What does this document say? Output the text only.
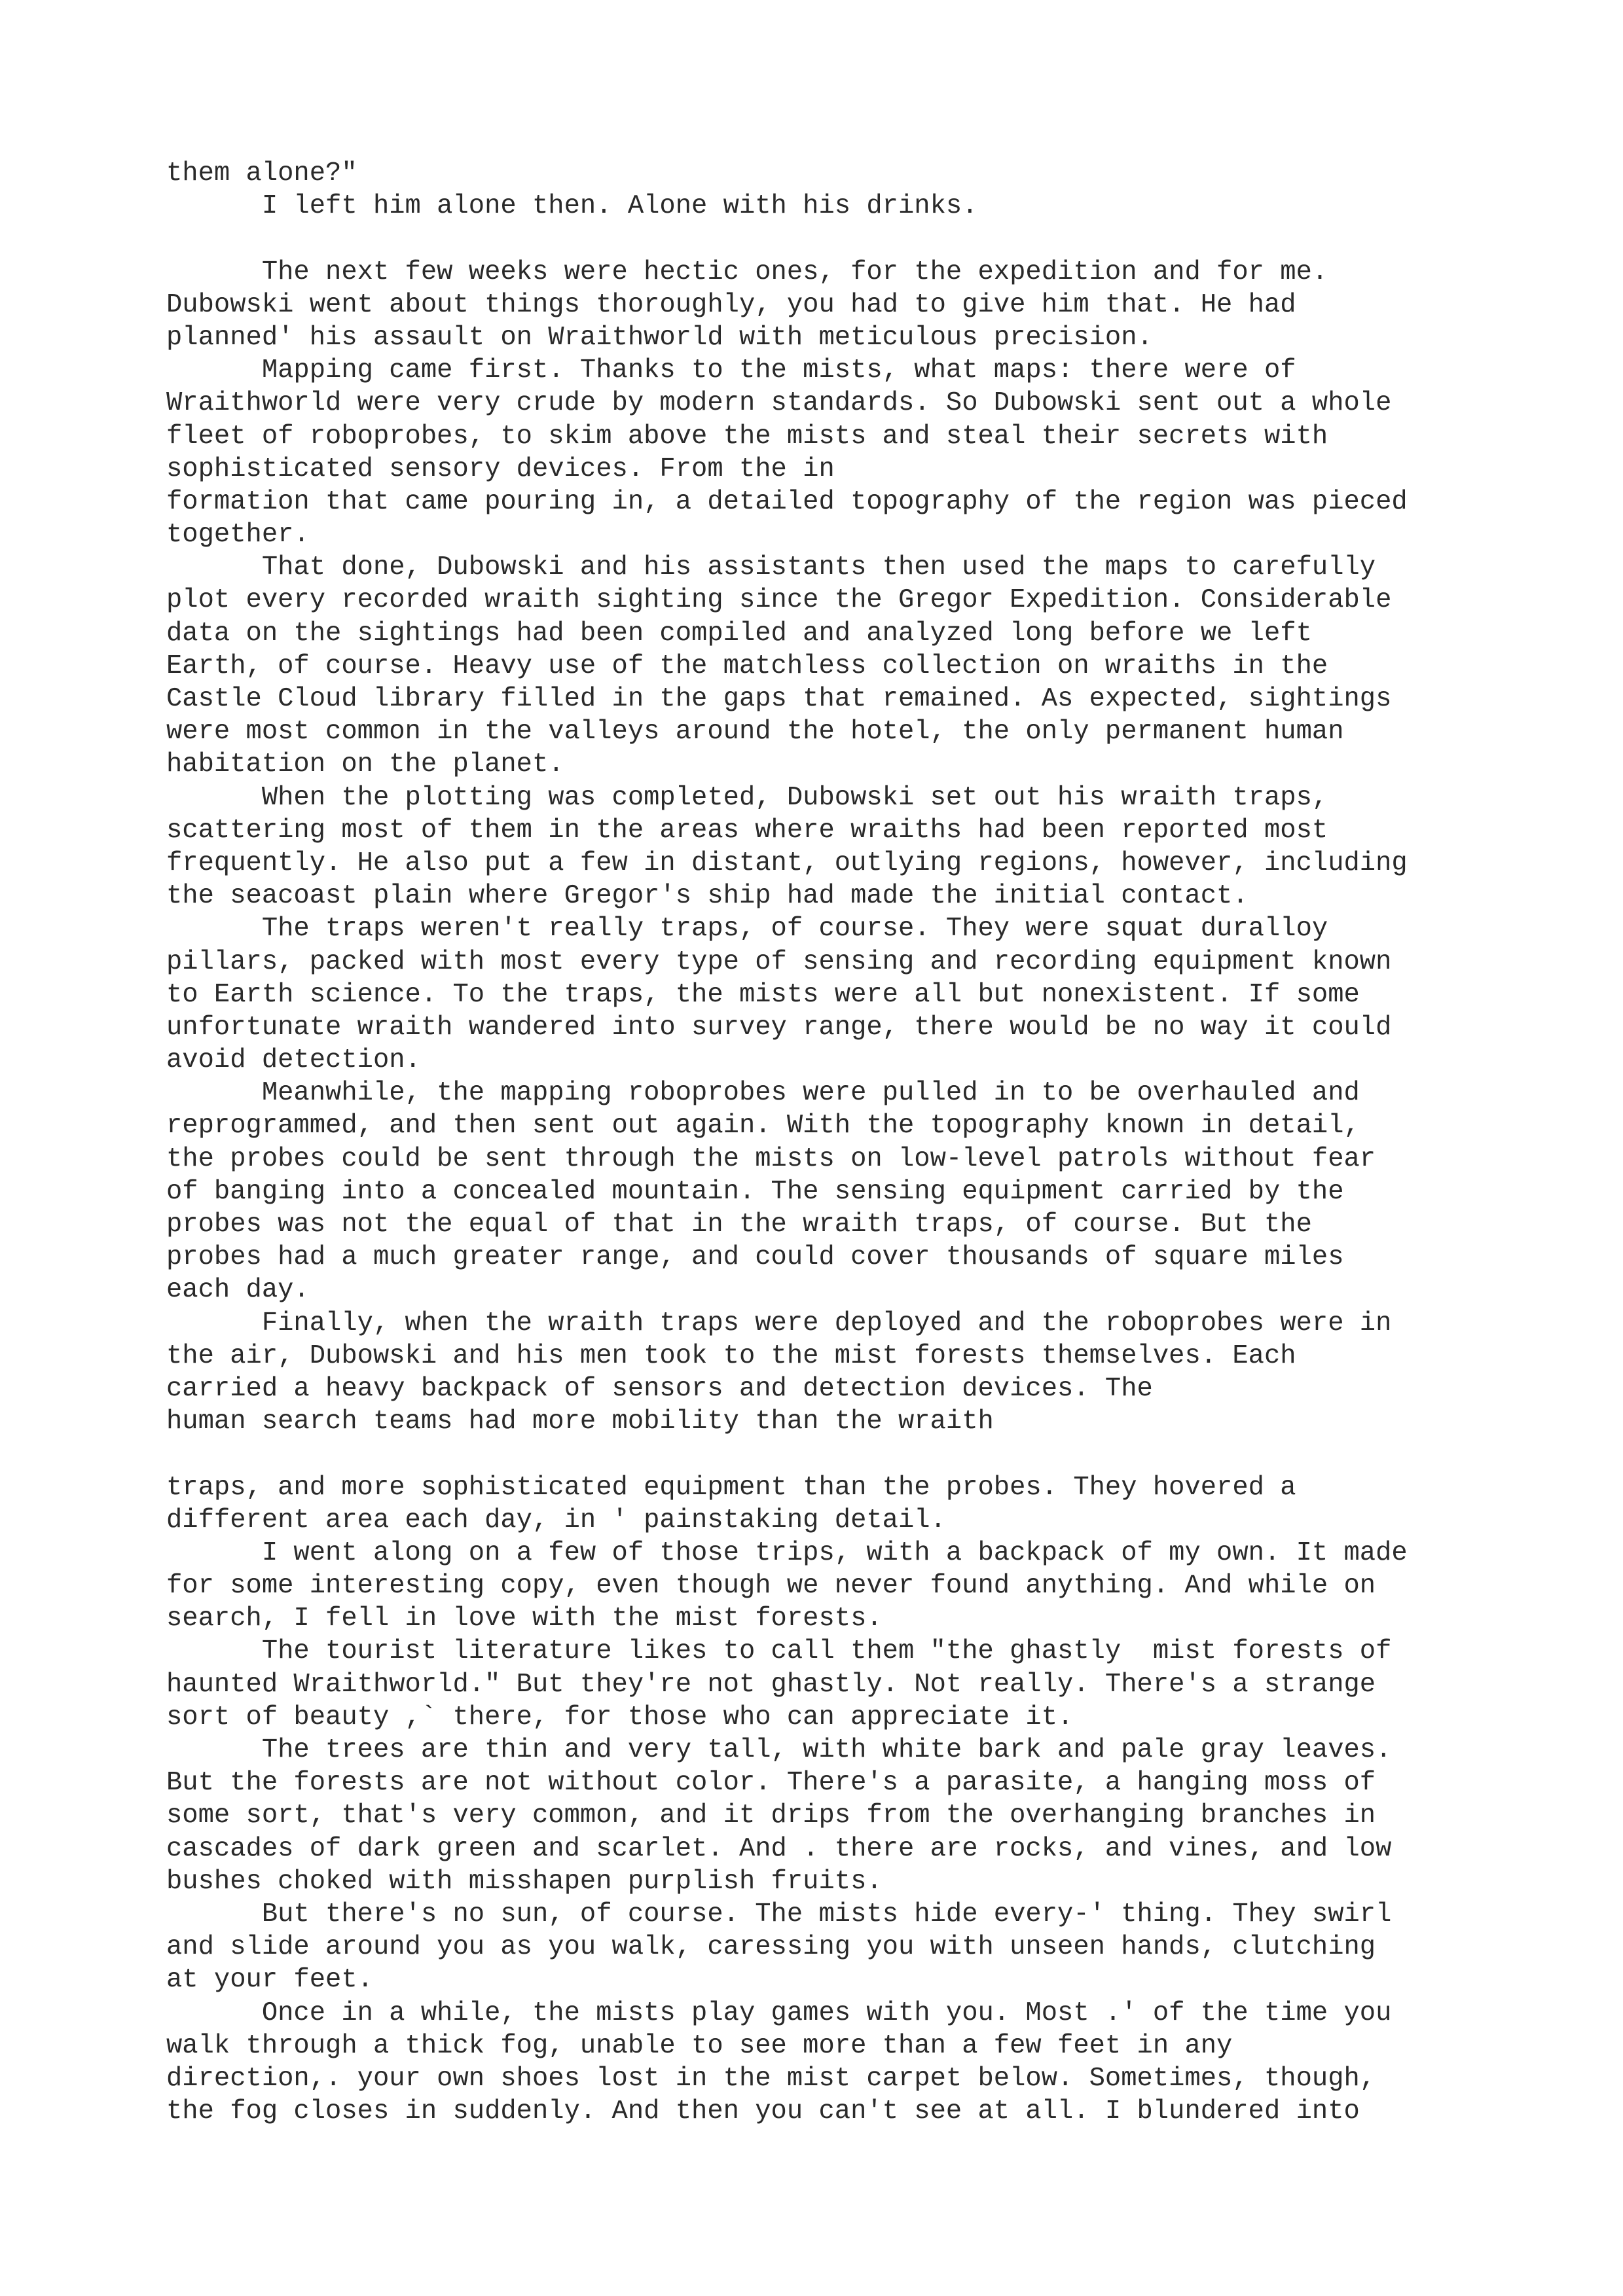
them alone?"
I left him alone then. Alone with his drinks.
The next few weeks were hectic ones, for the expedition and for me.
Dubowski went about things thoroughly, you had to give him that. He had
planned' his assault on Wraithworld with meticulous precision.
Mapping came first. Thanks to the mists, what maps: there were of
Wraithworld were very crude by modern standards. So Dubowski sent out a whole
fleet of roboprobes, to skim above the mists and steal their secrets with
sophisticated sensory devices. From the in
formation that came pouring in, a detailed topography of the region was pieced
together.
That done, Dubowski and his assistants then used the maps to carefully
plot every recorded wraith sighting since the Gregor Expedition. Considerable
data on the sightings had been compiled and analyzed long before we left
Earth, of course. Heavy use of the matchless collection on wraiths in the
Castle Cloud library filled in the gaps that remained. As expected, sightings
were most common in the valleys around the hotel, the only permanent human
habitation on the planet.
When the plotting was completed, Dubowski set out his wraith traps,
scattering most of them in the areas where wraiths had been reported most
frequently. He also put a few in distant, outlying regions, however, including
the seacoast plain where Gregor's ship had made the initial contact.
The traps weren't really traps, of course. They were squat duralloy
pillars, packed with most every type of sensing and recording equipment known
to Earth science. To the traps, the mists were all but nonexistent. If some
unfortunate wraith wandered into survey range, there would be no way it could
avoid detection.
Meanwhile, the mapping roboprobes were pulled in to be overhauled and
reprogrammed, and then sent out again. With the topography known in detail,
the probes could be sent through the mists on low-level patrols without fear
of banging into a concealed mountain. The sensing equipment carried by the
probes was not the equal of that in the wraith traps, of course. But the
probes had a much greater range, and could cover thousands of square miles
each day.
Finally, when the wraith traps were deployed and the roboprobes were in
the air, Dubowski and his men took to the mist forests themselves. Each
carried a heavy backpack of sensors and detection devices. The
human search teams had more mobility than the wraith
traps, and more sophisticated equipment than the probes. They hovered a
different area each day, in ' painstaking detail.
I went along on a few of those trips, with a backpack of my own. It made
for some interesting copy, even though we never found anything. And while on
search, I fell in love with the mist forests.
The tourist literature likes to call them "the ghastly  mist forests of
haunted Wraithworld." But they're not ghastly. Not really. There's a strange
sort of beauty ,` there, for those who can appreciate it.
The trees are thin and very tall, with white bark and pale gray leaves.
But the forests are not without color. There's a parasite, a hanging moss of
some sort, that's very common, and it drips from the overhanging branches in
cascades of dark green and scarlet. And . there are rocks, and vines, and low
bushes choked with misshapen purplish fruits.
But there's no sun, of course. The mists hide every-' thing. They swirl
and slide around you as you walk, caressing you with unseen hands, clutching
at your feet.
Once in a while, the mists play games with you. Most .' of the time you
walk through a thick fog, unable to see more than a few feet in any
direction,. your own shoes lost in the mist carpet below. Sometimes, though,
the fog closes in suddenly. And then you can't see at all. I blundered into
